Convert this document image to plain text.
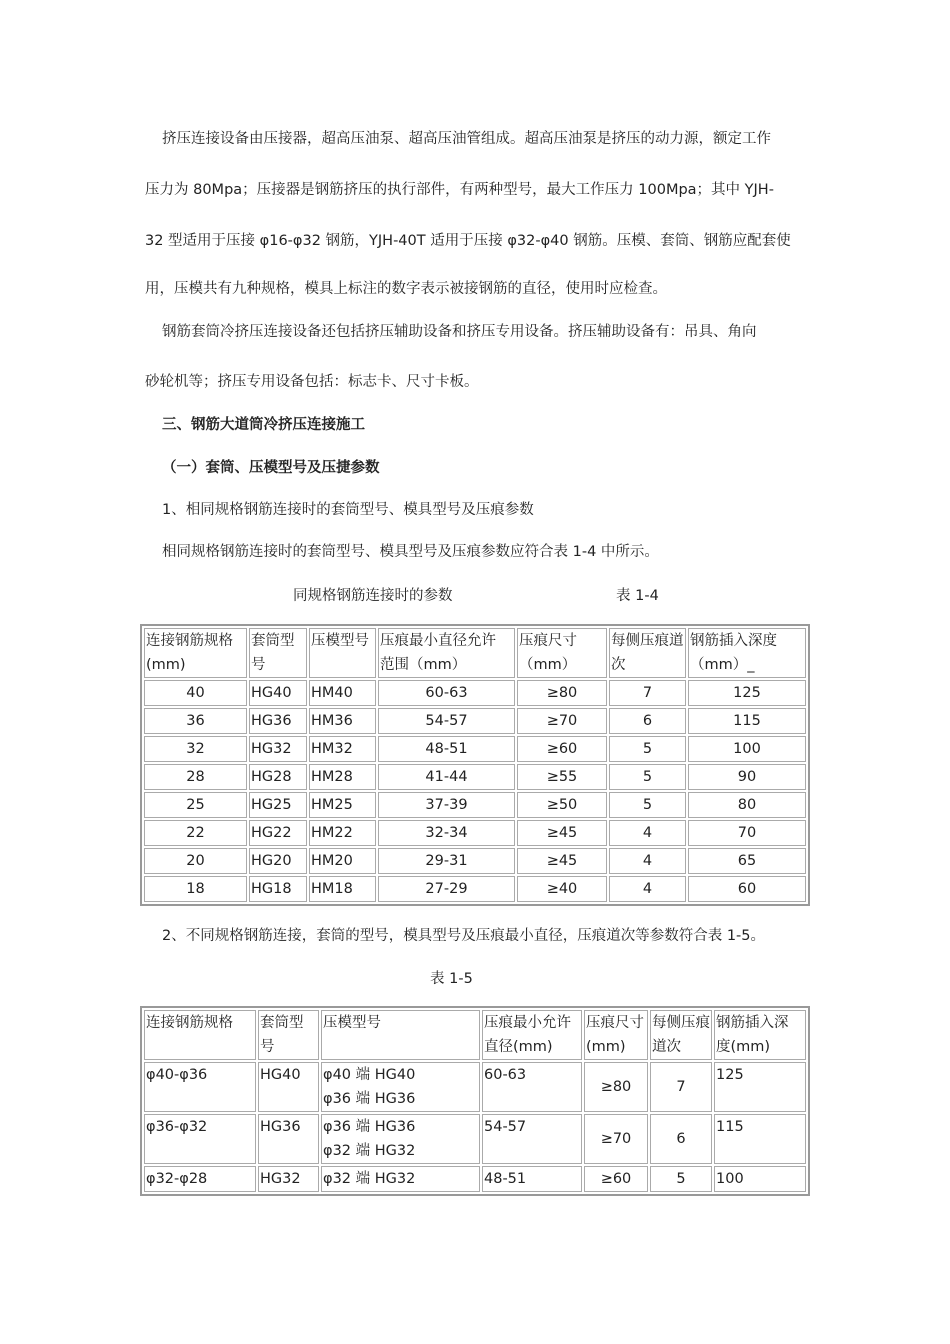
挤压连接设备由压接器，超高压油泵、超高压油管组成。超高压油泵是挤压的动力源，额定工作

压力为 80Mpa；压接器是钢筋挤压的执行部件，有两种型号，最大工作压力 100Mpa；其中 YJH-

32 型适用于压接 φ16-φ32 钢筋，YJH-40T 适用于压接 φ32-φ40 钢筋。压模、套筒、钢筋应配套使

用，压模共有九种规格，模具上标注的数字表示被接钢筋的直径，使用时应检查。

钢筋套筒冷挤压连接设备还包括挤压辅助设备和挤压专用设备。挤压辅助设备有：吊具、角向

砂轮机等；挤压专用设备包括：标志卡、尺寸卡板。

三、钢筋大道筒冷挤压连接施工

（一）套筒、压模型号及压捷参数

1、相同规格钢筋连接时的套筒型号、模具型号及压痕参数

相同规格钢筋连接时的套筒型号、模具型号及压痕参数应符合表 1-4 中所示。

同规格钢筋连接时的参数	表 1-4
连接钢筋规格
(mm)	套筒型
号	压模型号	压痕最小直径允许
范围（mm）	压痕尺寸
（mm）	每侧压痕道
次	钢筋插入深度
（mm）_
40	HG40	HM40	60-63	≥80	7	125
36	HG36	HM36	54-57	≥70	6	115
32	HG32	HM32	48-51	≥60	5	100
28	HG28	HM28	41-44	≥55	5	90
25	HG25	HM25	37-39	≥50	5	80
22	HG22	HM22	32-34	≥45	4	70
20	HG20	HM20	29-31	≥45	4	65
18	HG18	HM18	27-29	≥40	4	60

2、不同规格钢筋连接，套筒的型号，模具型号及压痕最小直径，压痕道次等参数符合表 1-5。

表 1-5
连接钢筋规格	套筒型号	压模型号	压痕最小允许
直径(mm)	压痕尺寸
(mm)	每侧压痕
道次	钢筋插入深
度(mm)
φ40-φ36	HG40	φ40 端 HG40
φ36 端 HG36	60-63	≥80	7	125
φ36-φ32	HG36	φ36 端 HG36
φ32 端 HG32	54-57	≥70	6	115
φ32-φ28	HG32	φ32 端 HG32	48-51	≥60	5	100
